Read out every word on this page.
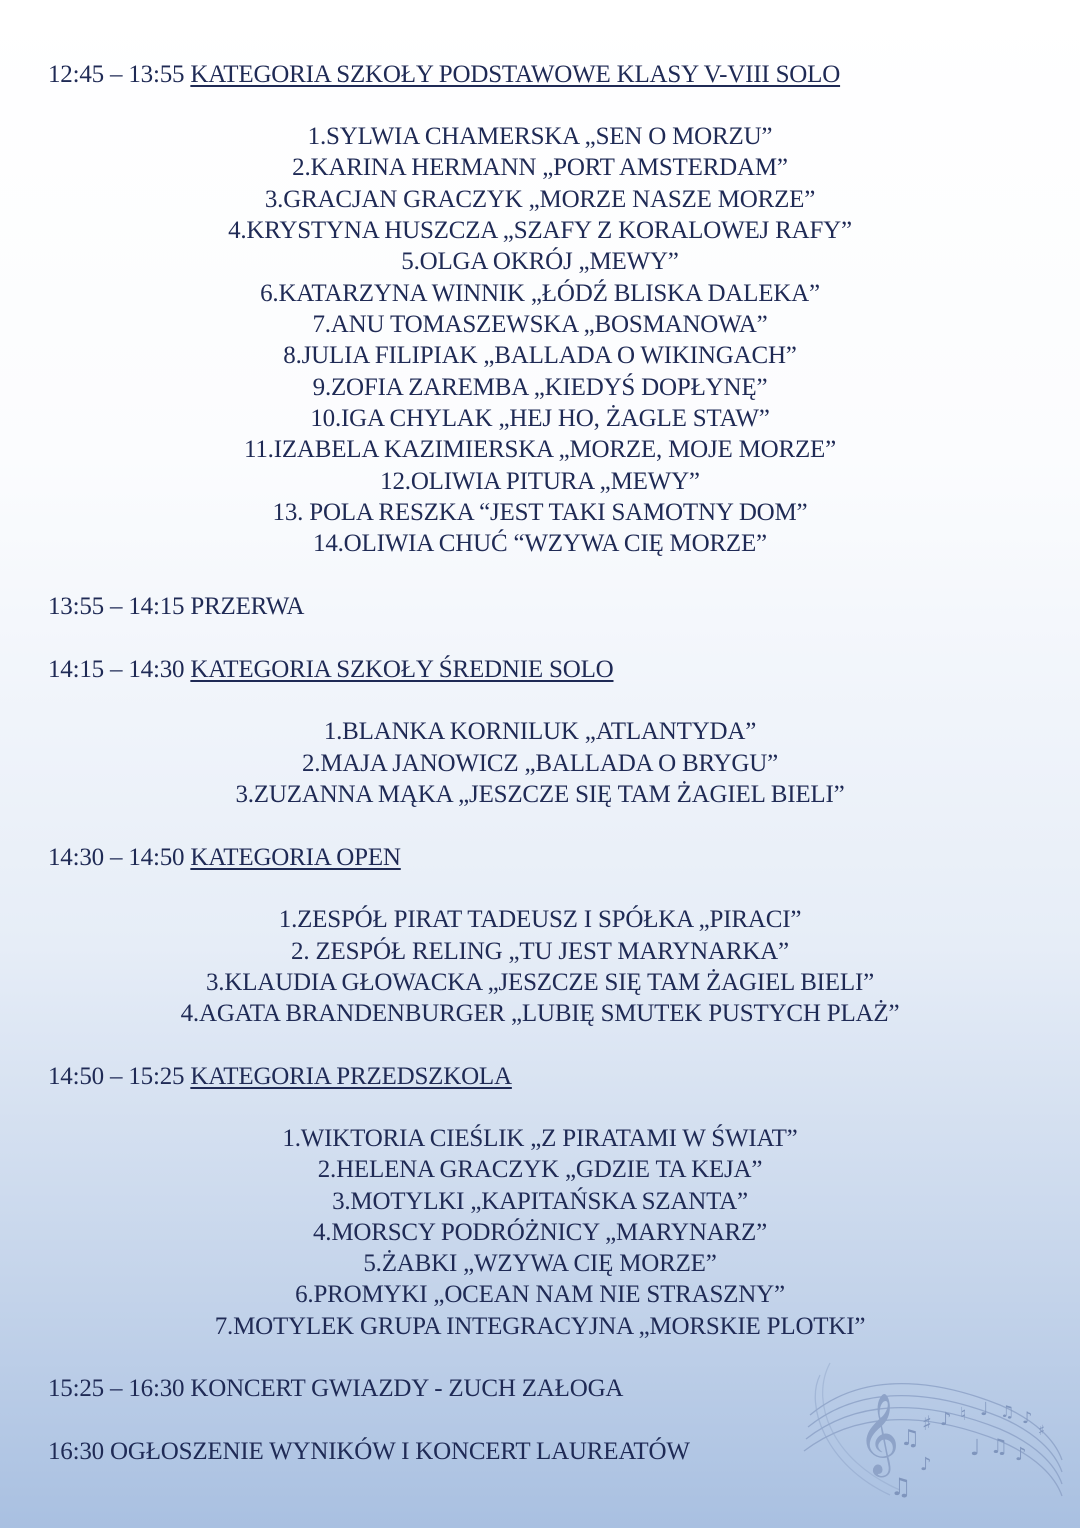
12:45 – 13:55 KATEGORIA SZKOŁY PODSTAWOWE KLASY V-VIII SOLO
1.SYLWIA CHAMERSKA „SEN O MORZU”
2.KARINA HERMANN „PORT AMSTERDAM”
3.GRACJAN GRACZYK „MORZE NASZE MORZE”
4.KRYSTYNA HUSZCZA „SZAFY Z KORALOWEJ RAFY”
5.OLGA OKRÓJ „MEWY”
6.KATARZYNA WINNIK „ŁÓDŹ BLISKA DALEKA”
7.ANU TOMASZEWSKA „BOSMANOWA”
8.JULIA FILIPIAK „BALLADA O WIKINGACH”
9.ZOFIA ZAREMBA „KIEDYŚ DOPŁYNĘ”
10.IGA CHYLAK „HEJ HO, ŻAGLE STAW”
11.IZABELA KAZIMIERSKA „MORZE, MOJE MORZE”
12.OLIWIA PITURA „MEWY”
13. POLA RESZKA “JEST TAKI SAMOTNY DOM”
14.OLIWIA CHUĆ “WZYWA CIĘ MORZE”
13:55 – 14:15 PRZERWA
14:15 – 14:30 KATEGORIA SZKOŁY ŚREDNIE SOLO
1.BLANKA KORNILUK „ATLANTYDA”
2.MAJA JANOWICZ „BALLADA O BRYGU”
3.ZUZANNA MĄKA „JESZCZE SIĘ TAM ŻAGIEL BIELI”
14:30 – 14:50 KATEGORIA OPEN
1.ZESPÓŁ PIRAT TADEUSZ I SPÓŁKA „PIRACI”
2. ZESPÓŁ RELING „TU JEST MARYNARKA”
3.KLAUDIA GŁOWACKA „JESZCZE SIĘ TAM ŻAGIEL BIELI”
4.AGATA BRANDENBURGER „LUBIĘ SMUTEK PUSTYCH PLAŻ”
14:50 – 15:25 KATEGORIA PRZEDSZKOLA
1.WIKTORIA CIEŚLIK „Z PIRATAMI W ŚWIAT”
2.HELENA GRACZYK „GDZIE TA KEJA”
3.MOTYLKI „KAPITAŃSKA SZANTA”
4.MORSCY PODRÓŻNICY „MARYNARZ”
5.ŻABKI „WZYWA CIĘ MORZE”
6.PROMYKI „OCEAN NAM NIE STRASZNY”
7.MOTYLEK GRUPA INTEGRACYJNA „MORSKIE PLOTKI”
15:25 – 16:30 KONCERT GWIAZDY - ZUCH ZAŁOGA
16:30 OGŁOSZENIE WYNIKÓW I KONCERT LAUREATÓW	𝄞 ♫
♯ ♪ ♮ ♩ ♫ ♪
♯
♩ ♫ ♪
♫
♪
